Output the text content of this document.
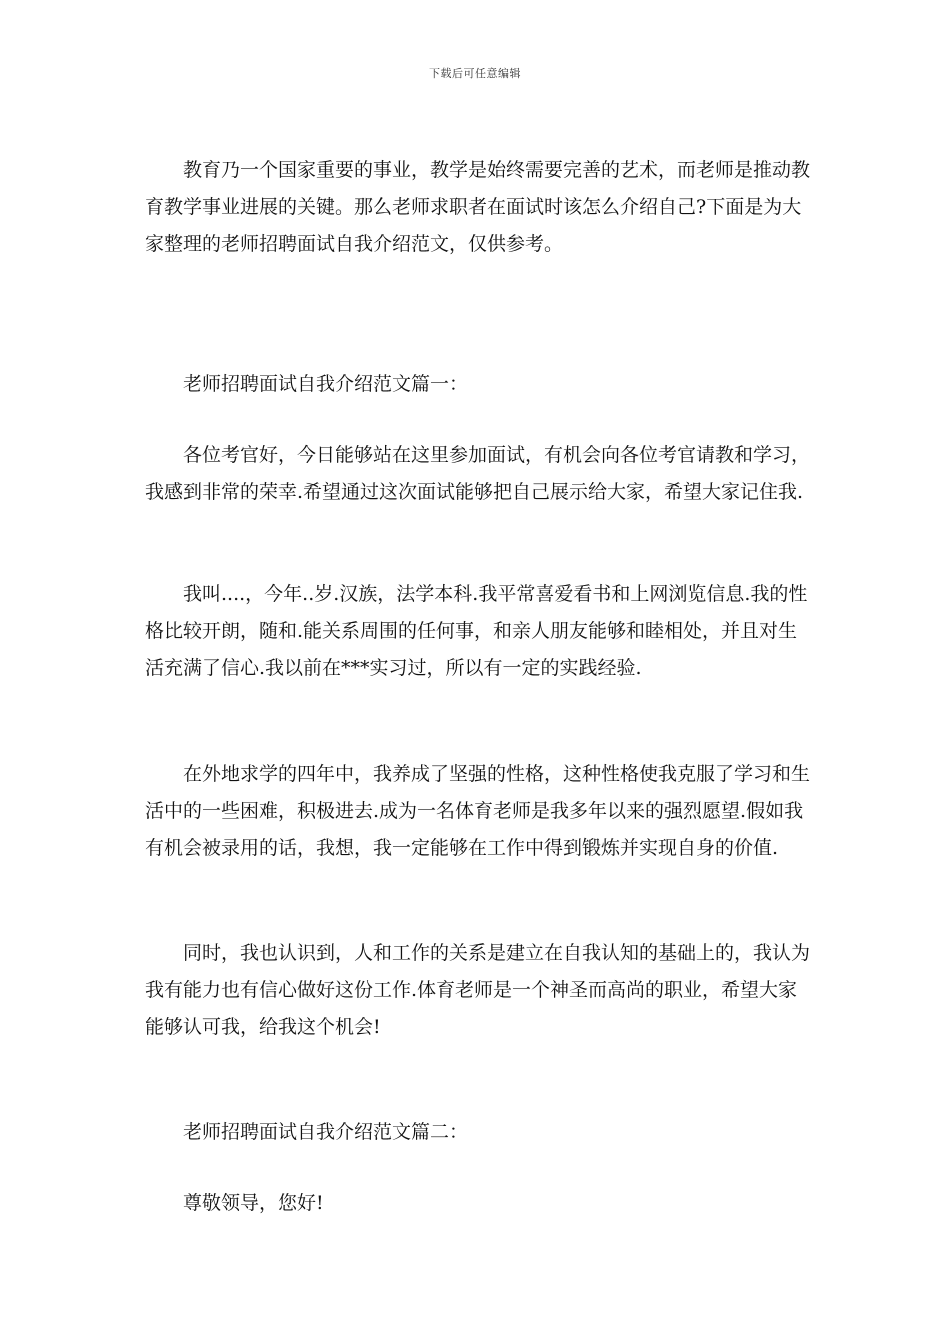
下载后可任意编辑

教育乃一个国家重要的事业，教学是始终需要完善的艺术，而老师是推动教育教学事业进展的关键。那么老师求职者在面试时该怎么介绍自己?下面是为大家整理的老师招聘面试自我介绍范文，仅供参考。

老师招聘面试自我介绍范文篇一：

各位考官好，今日能够站在这里参加面试，有机会向各位考官请教和学习，我感到非常的荣幸.希望通过这次面试能够把自己展示给大家，希望大家记住我.

我叫....，今年..岁.汉族，法学本科.我平常喜爱看书和上网浏览信息.我的性格比较开朗，随和.能关系周围的任何事，和亲人朋友能够和睦相处，并且对生活充满了信心.我以前在***实习过，所以有一定的实践经验.

在外地求学的四年中，我养成了坚强的性格，这种性格使我克服了学习和生活中的一些困难，积极进去.成为一名体育老师是我多年以来的强烈愿望.假如我有机会被录用的话，我想，我一定能够在工作中得到锻炼并实现自身的价值.

同时，我也认识到，人和工作的关系是建立在自我认知的基础上的，我认为我有能力也有信心做好这份工作.体育老师是一个神圣而高尚的职业，希望大家能够认可我，给我这个机会!

老师招聘面试自我介绍范文篇二：

尊敬领导，您好!
